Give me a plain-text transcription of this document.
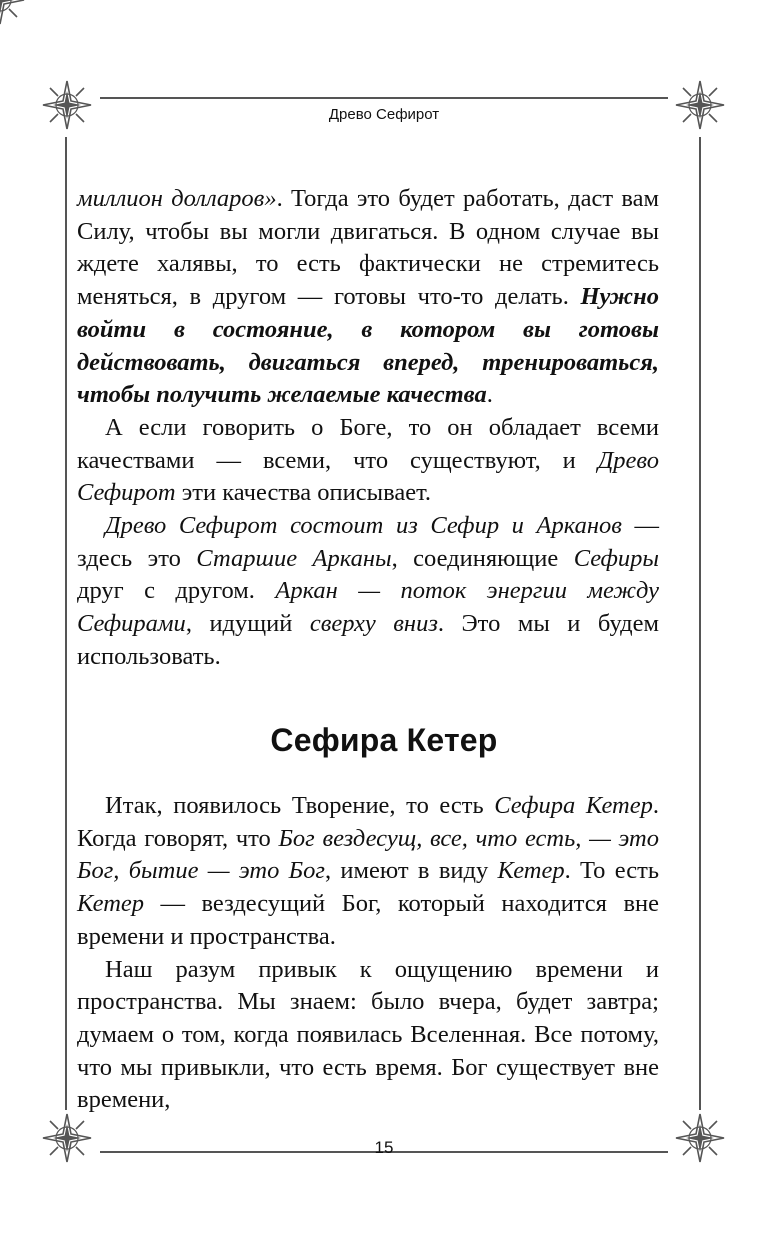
Древо Сефирот

миллион долларов». Тогда это будет работать, даст вам Силу, чтобы вы могли двигаться. В одном случае вы ждете халявы, то есть фактически не стремитесь меняться, в другом — готовы что-то делать. Нужно войти в состояние, в котором вы готовы действовать, двигаться вперед, тренироваться, чтобы получить желаемые качества.

А если говорить о Боге, то он обладает всеми качествами — всеми, что существуют, и Древо Сефирот эти качества описывает.

Древо Сефирот состоит из Сефир и Арканов — здесь это Старшие Арканы, соединяющие Сефиры друг с другом. Аркан — поток энергии между Сефирами, идущий сверху вниз. Это мы и будем использовать.

Сефира Кетер

Итак, появилось Творение, то есть Сефира Кетер. Когда говорят, что Бог вездесущ, все, что есть, — это Бог, бытие — это Бог, имеют в виду Кетер. То есть Кетер — вездесущий Бог, который находится вне времени и пространства.

Наш разум привык к ощущению времени и пространства. Мы знаем: было вчера, будет завтра; думаем о том, когда появилась Вселенная. Все потому, что мы привыкли, что есть время. Бог существует вне времени,

15
